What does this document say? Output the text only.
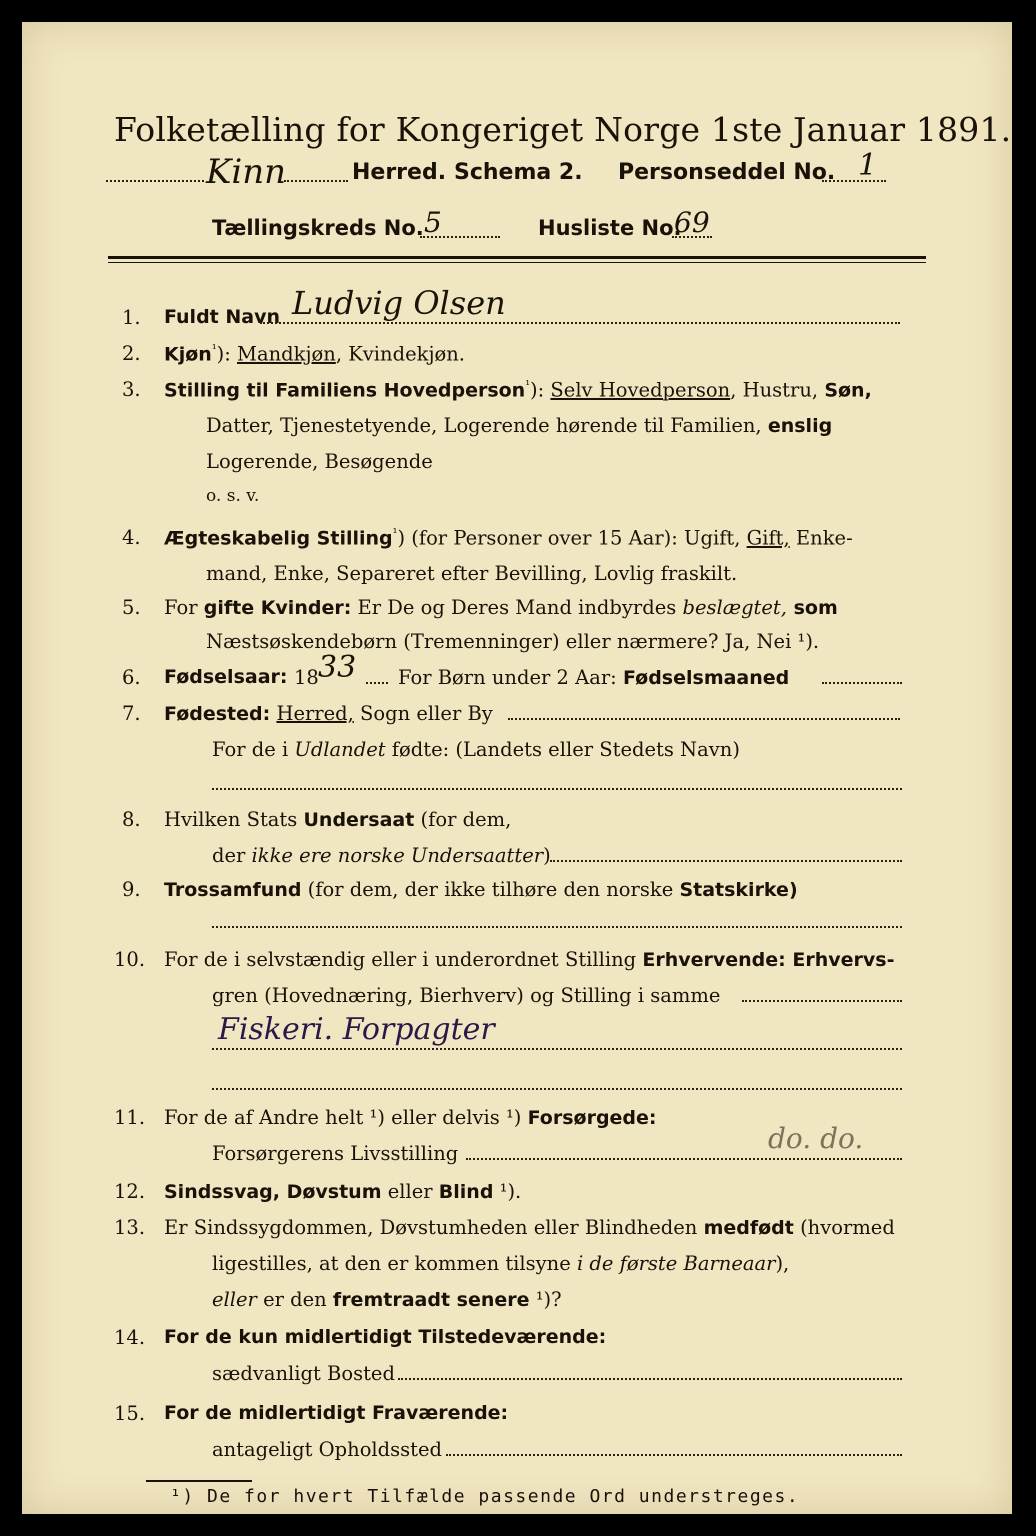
Folketælling for Kongeriget Norge 1ste Januar 1891.
Kinn	Herred. Schema 2. Personseddel No. 1
Tællingskreds No. 5	Husliste No.
69
1. Fuldt Navn Ludvig Olsen
2. Kjøn$^{^1}$): Mandkjøn, Kvindekjøn.
3. Stilling til Familiens Hovedperson$^{^1}$): Selv Hovedperson, Hustru, Søn,
Datter, Tjenestetyende, Logerende hørende til Familien, enslig
Logerende, Besøgende
o. s. v.
4. Ægteskabelig Stilling$^{^1}$) (for Personer over 15 Aar): Ugift, Gift, Enke-
mand, Enke, Separeret efter Bevilling, Lovlig fraskilt.
5. For gifte Kvinder: Er De og Deres Mand indbyrdes beslægtet, som
Næstsøskendebørn (Tremenninger) eller nærmere? Ja, Nei ¹).
6. Fødselsaar: 18 33 For Børn under 2 Aar: Fødselsmaaned
7. Fødested: Herred, Sogn eller By
For de i Udlandet fødte: (Landets eller Stedets Navn)
8. Hvilken Stats Undersaat (for dem,
der ikke ere norske Undersaatter)
9. Trossamfund (for dem, der ikke tilhøre den norske Statskirke)
10. For de i selvstændig eller i underordnet Stilling Erhvervende: Erhvervs-
gren (Hovednæring, Bierhverv) og Stilling i samme
Fiskeri. Forpagter
11. For de af Andre helt ¹) eller delvis ¹) Forsørgede:
Forsørgerens Livsstilling	do. do.
12. Sindssvag, Døvstum eller Blind ¹).
13. Er Sindssygdommen, Døvstumheden eller Blindheden medfødt (hvormed
ligestilles, at den er kommen tilsyne i de første Barneaar),
eller er den fremtraadt senere ¹)?
14. For de kun midlertidigt Tilstedeværende:
sædvanligt Bosted
15. For de midlertidigt Fraværende:
antageligt Opholdssted
¹) De for hvert Tilfælde passende Ord understreges.
